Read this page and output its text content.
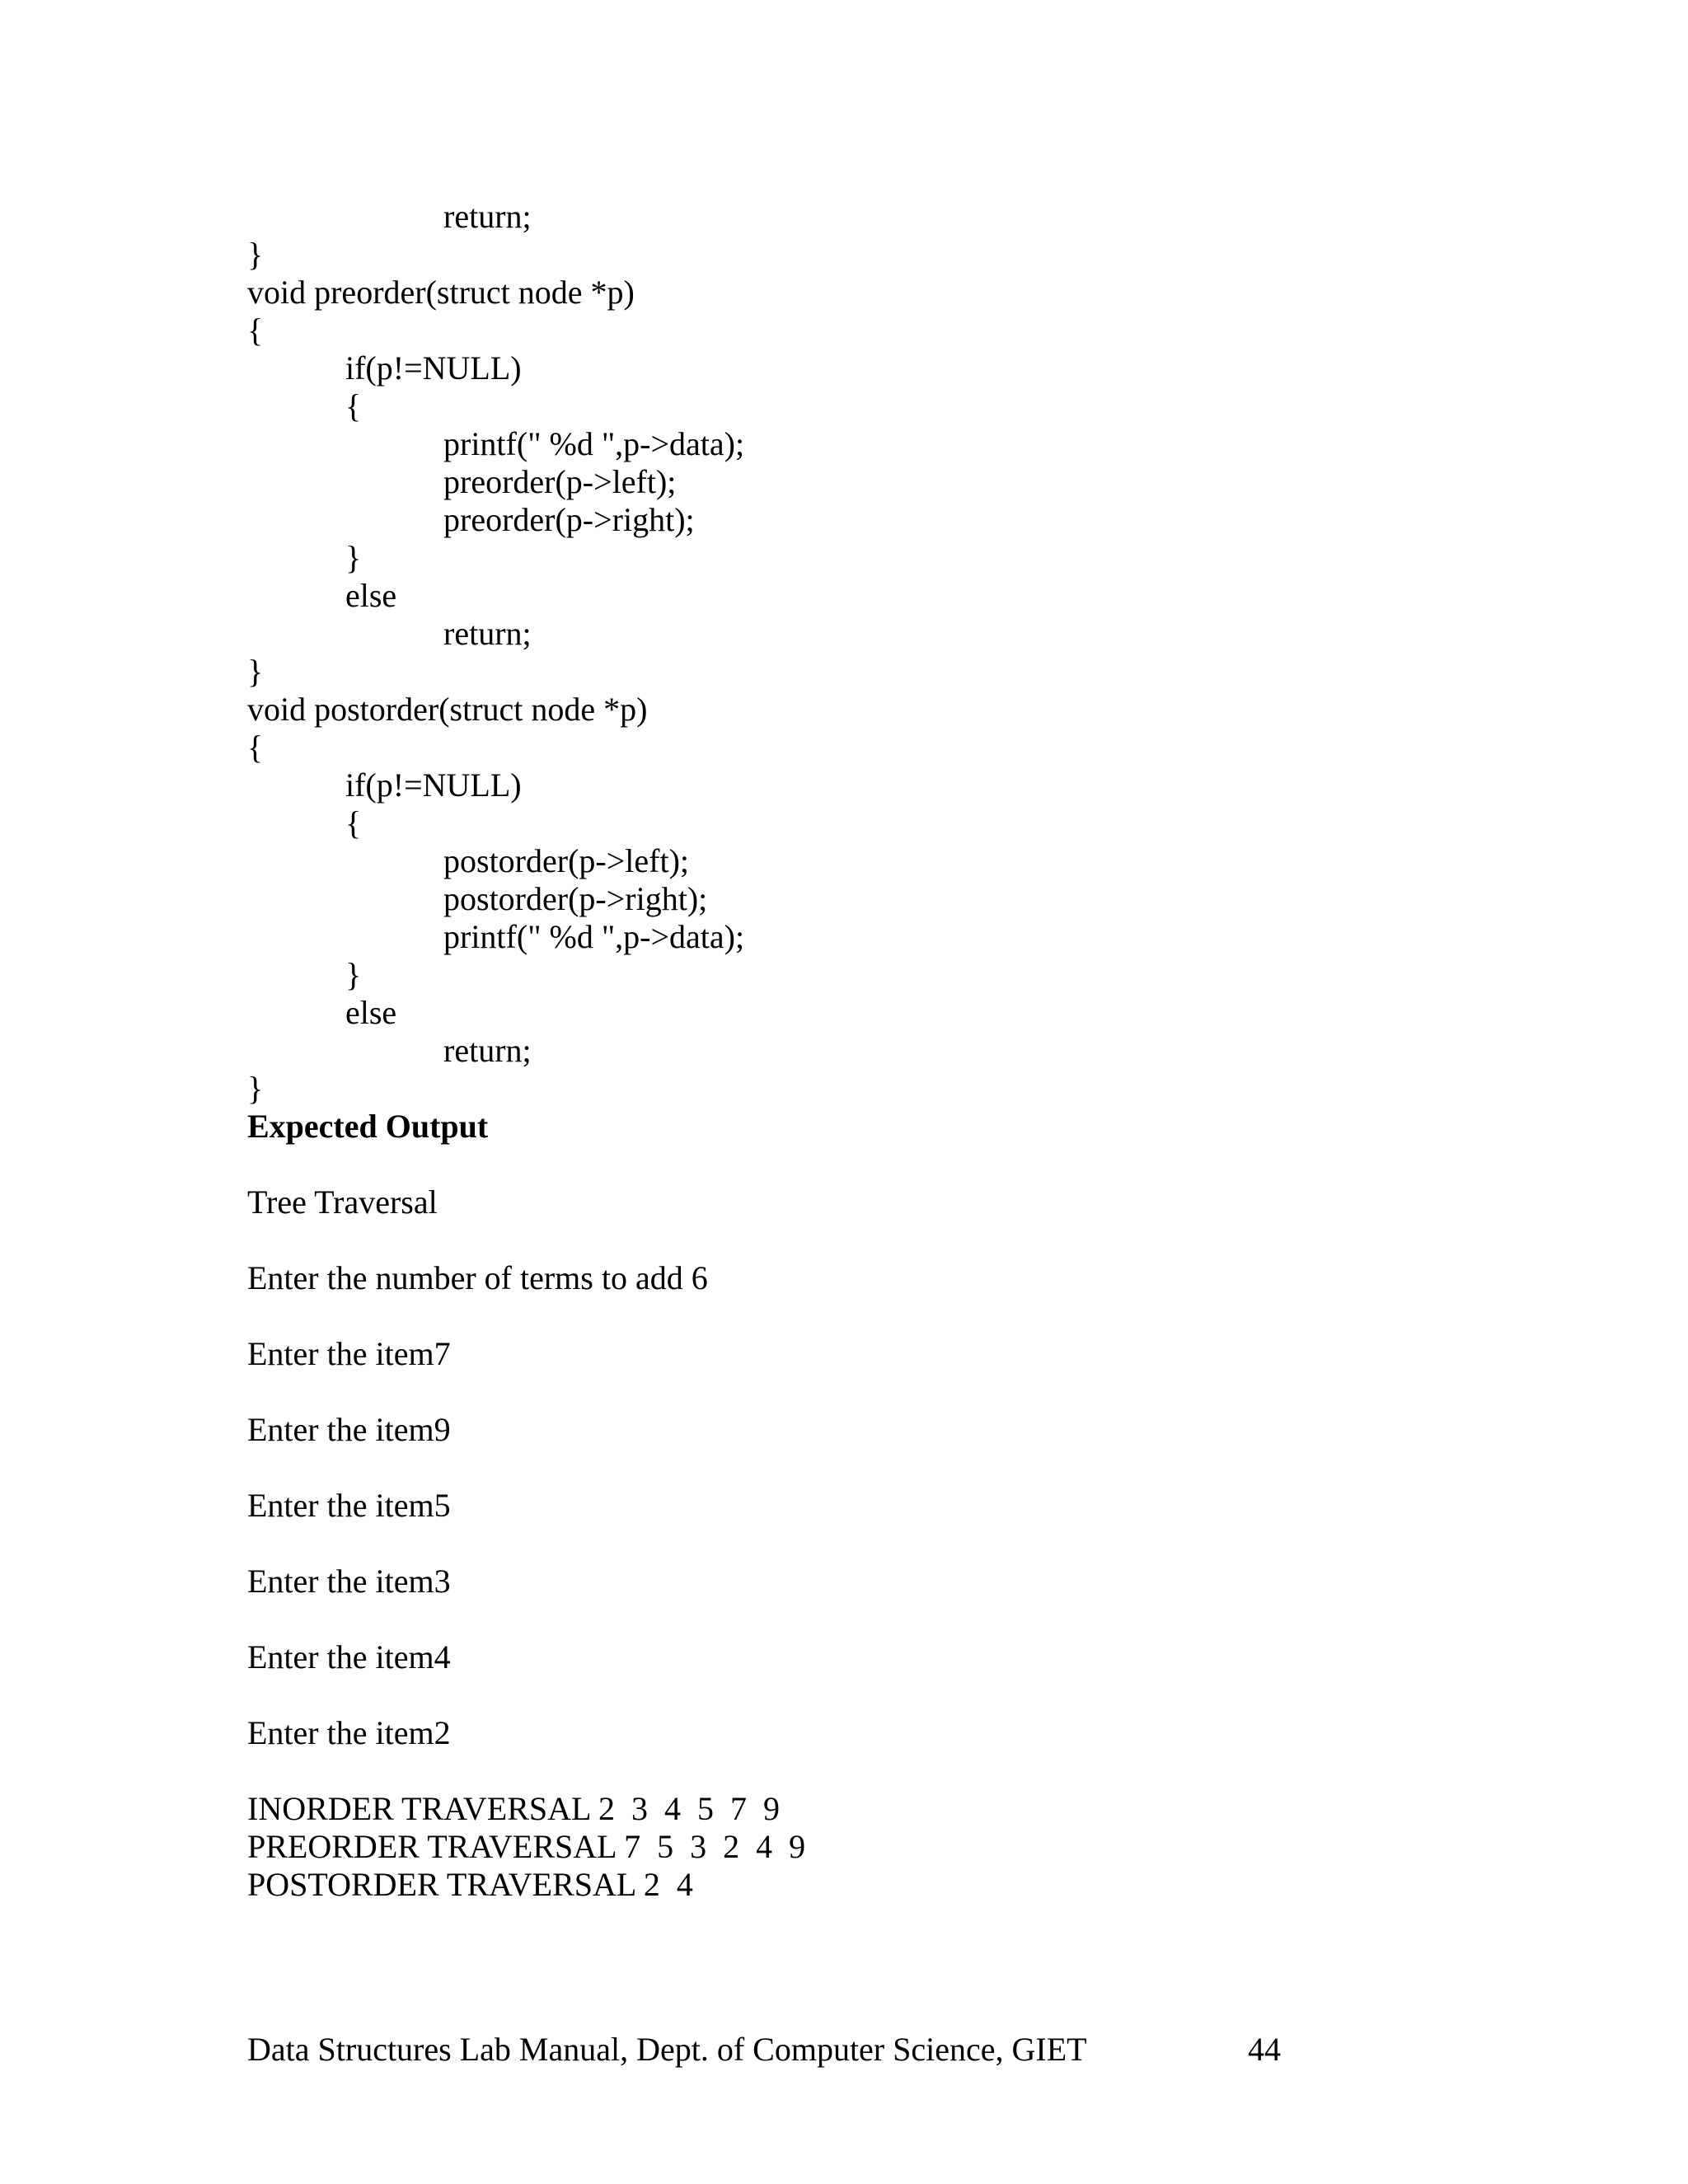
return;
}
void preorder(struct node *p)
{
if(p!=NULL)
{
printf(" %d ",p->data);
preorder(p->left);
preorder(p->right);
}
else
return;
}
void postorder(struct node *p)
{
if(p!=NULL)
{
postorder(p->left);
postorder(p->right);
printf(" %d ",p->data);
}
else
return;
}
Expected Output
Tree Traversal
Enter the number of terms to add 6
Enter the item7
Enter the item9
Enter the item5
Enter the item3
Enter the item4
Enter the item2
INORDER TRAVERSAL 2  3  4  5  7  9
PREORDER TRAVERSAL 7  5  3  2  4  9
POSTORDER TRAVERSAL 2  4
Data Structures Lab Manual, Dept. of Computer Science, GIET	44
